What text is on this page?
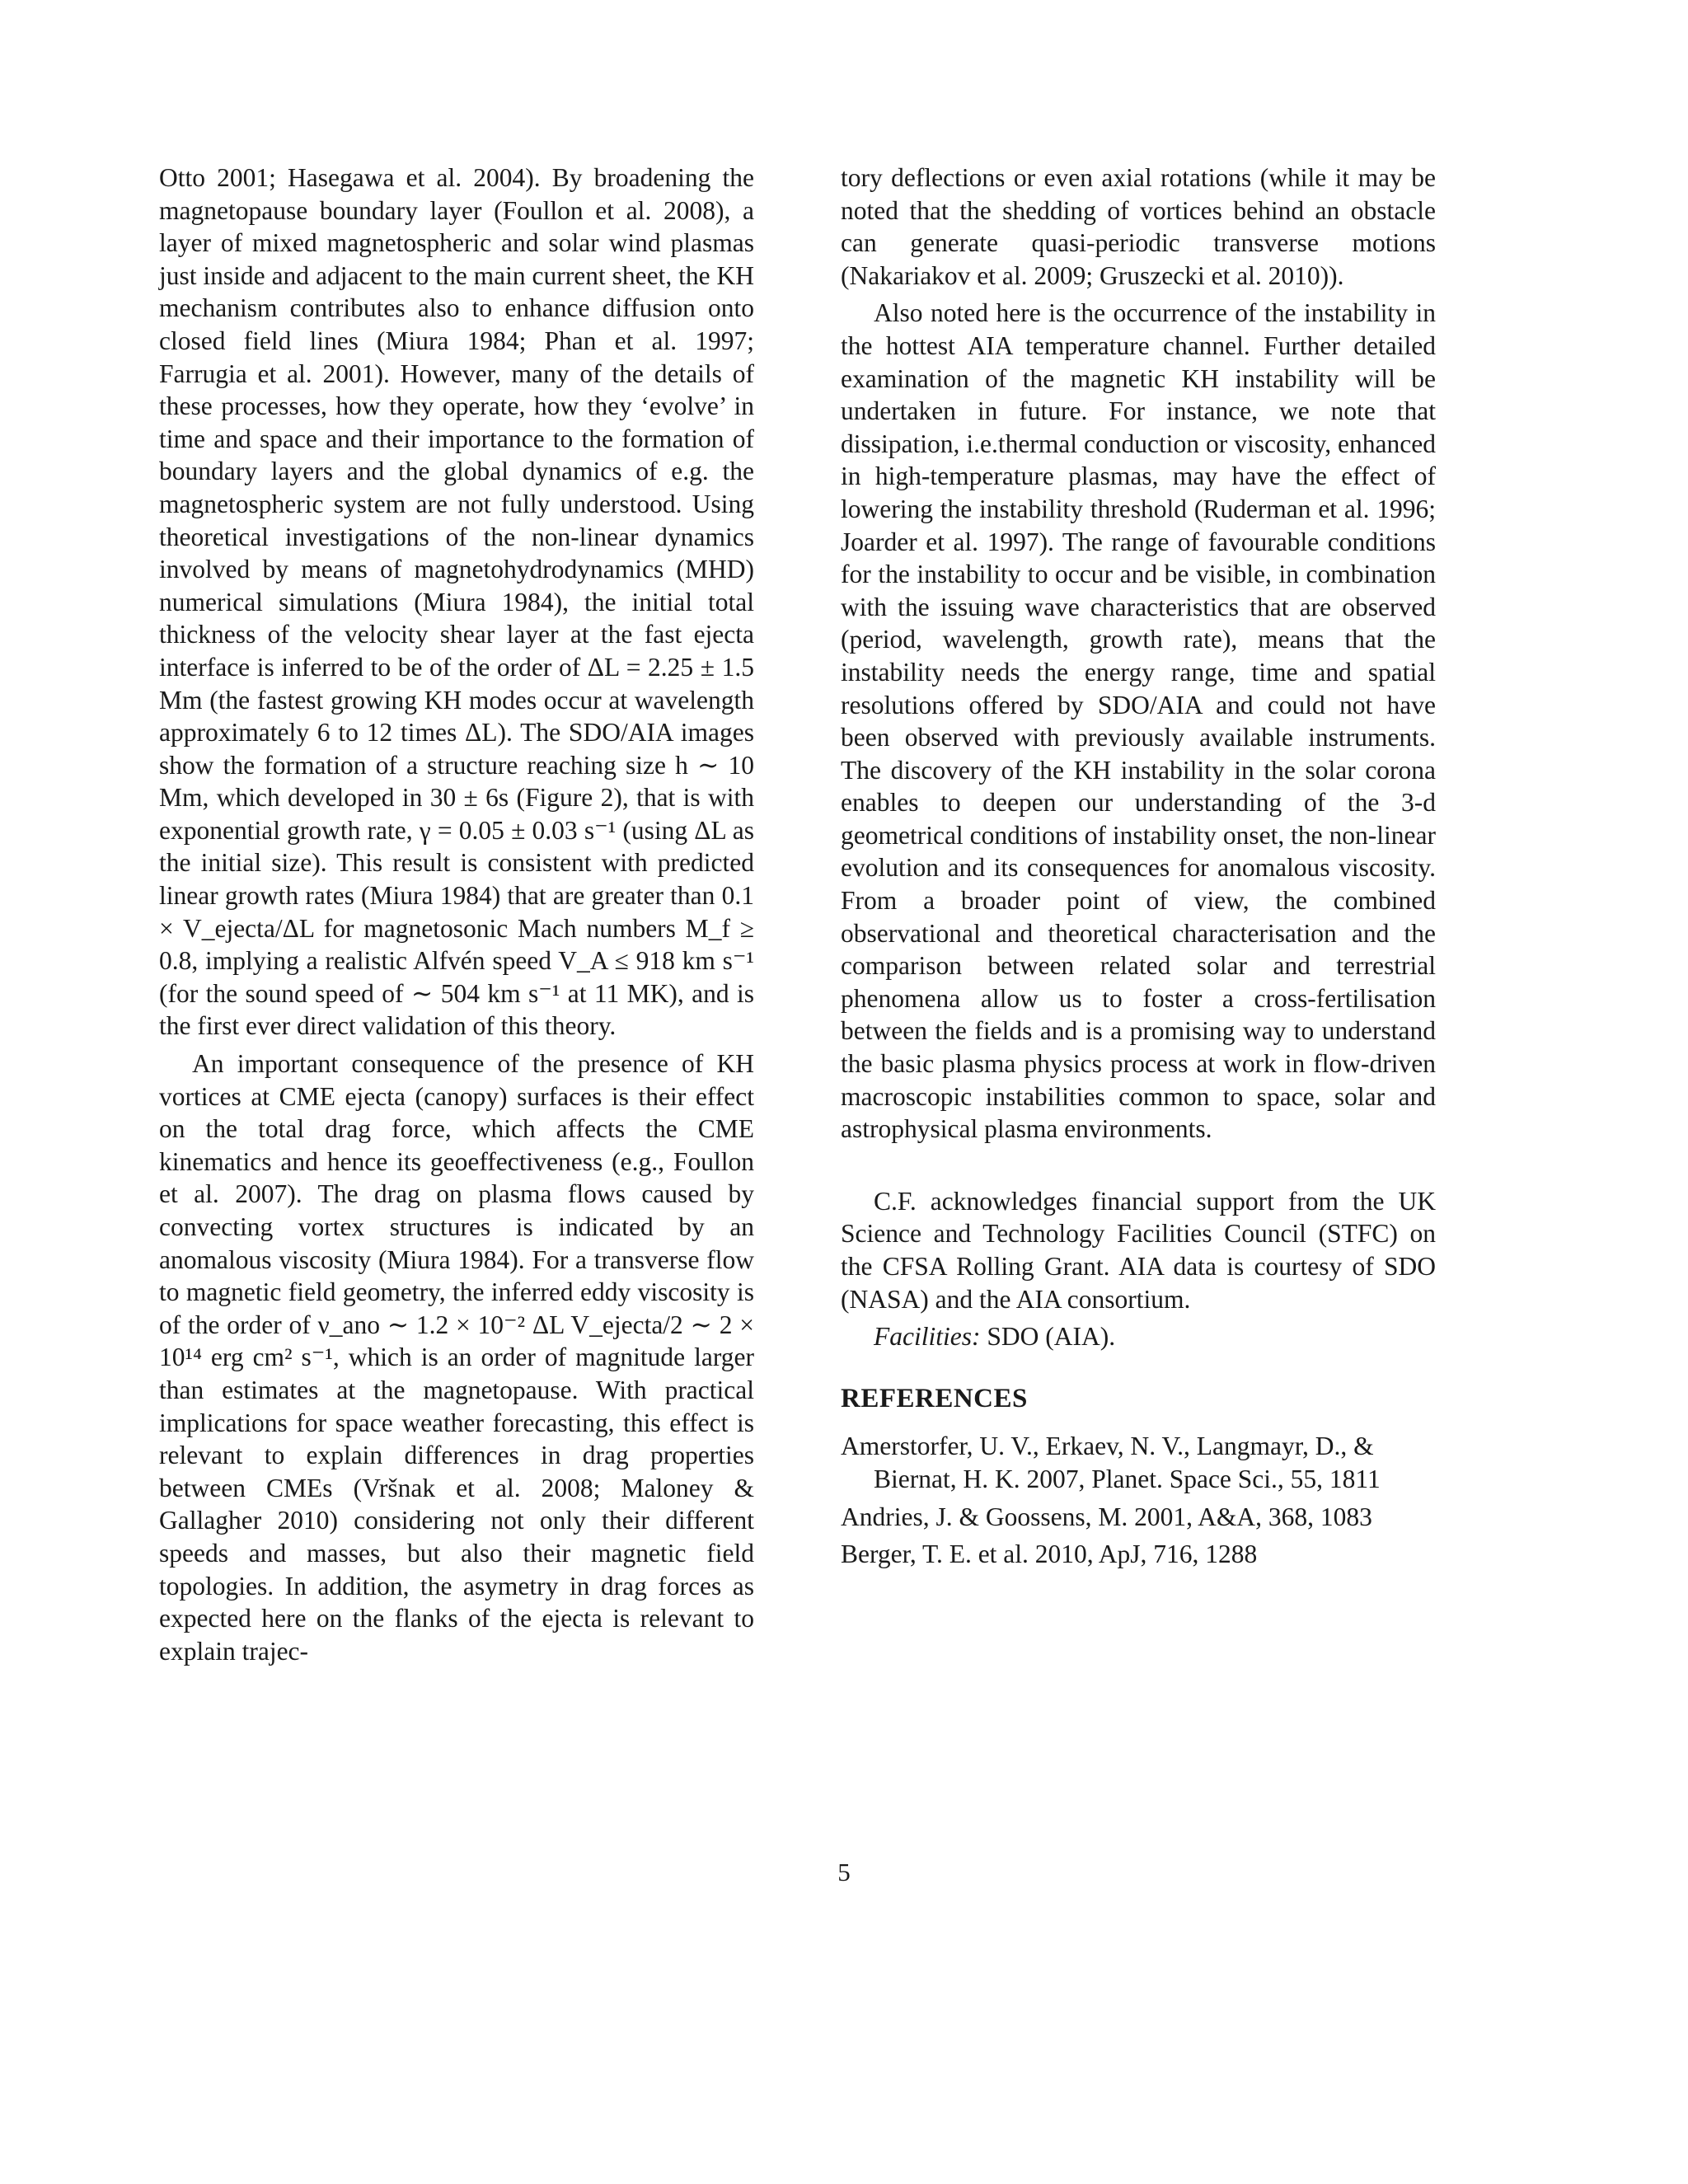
Otto 2001; Hasegawa et al. 2004). By broadening the magnetopause boundary layer (Foullon et al. 2008), a layer of mixed magnetospheric and solar wind plasmas just inside and adjacent to the main current sheet, the KH mechanism contributes also to enhance diffusion onto closed field lines (Miura 1984; Phan et al. 1997; Farrugia et al. 2001). However, many of the details of these processes, how they operate, how they ‘evolve’ in time and space and their importance to the formation of boundary layers and the global dynamics of e.g. the magnetospheric system are not fully understood. Using theoretical investigations of the non-linear dynamics involved by means of magnetohydrodynamics (MHD) numerical simulations (Miura 1984), the initial total thickness of the velocity shear layer at the fast ejecta interface is inferred to be of the order of ΔL = 2.25 ± 1.5 Mm (the fastest growing KH modes occur at wavelength approximately 6 to 12 times ΔL). The SDO/AIA images show the formation of a structure reaching size h ∼ 10 Mm, which developed in 30 ± 6s (Figure 2), that is with exponential growth rate, γ = 0.05 ± 0.03 s⁻¹ (using ΔL as the initial size). This result is consistent with predicted linear growth rates (Miura 1984) that are greater than 0.1 × V_ejecta/ΔL for magnetosonic Mach numbers M_f ≥ 0.8, implying a realistic Alfvén speed V_A ≤ 918 km s⁻¹ (for the sound speed of ∼ 504 km s⁻¹ at 11 MK), and is the first ever direct validation of this theory.

An important consequence of the presence of KH vortices at CME ejecta (canopy) surfaces is their effect on the total drag force, which affects the CME kinematics and hence its geoeffectiveness (e.g., Foullon et al. 2007). The drag on plasma flows caused by convecting vortex structures is indicated by an anomalous viscosity (Miura 1984). For a transverse flow to magnetic field geometry, the inferred eddy viscosity is of the order of ν_ano ∼ 1.2 × 10⁻² ΔL V_ejecta/2 ∼ 2 × 10¹⁴ erg cm² s⁻¹, which is an order of magnitude larger than estimates at the magnetopause. With practical implications for space weather forecasting, this effect is relevant to explain differences in drag properties between CMEs (Vršnak et al. 2008; Maloney & Gallagher 2010) considering not only their different speeds and masses, but also their magnetic field topologies. In addition, the asymetry in drag forces as expected here on the flanks of the ejecta is relevant to explain trajec-

tory deflections or even axial rotations (while it may be noted that the shedding of vortices behind an obstacle can generate quasi-periodic transverse motions (Nakariakov et al. 2009; Gruszecki et al. 2010)).

Also noted here is the occurrence of the instability in the hottest AIA temperature channel. Further detailed examination of the magnetic KH instability will be undertaken in future. For instance, we note that dissipation, i.e.thermal conduction or viscosity, enhanced in high-temperature plasmas, may have the effect of lowering the instability threshold (Ruderman et al. 1996; Joarder et al. 1997). The range of favourable conditions for the instability to occur and be visible, in combination with the issuing wave characteristics that are observed (period, wavelength, growth rate), means that the instability needs the energy range, time and spatial resolutions offered by SDO/AIA and could not have been observed with previously available instruments. The discovery of the KH instability in the solar corona enables to deepen our understanding of the 3-d geometrical conditions of instability onset, the non-linear evolution and its consequences for anomalous viscosity. From a broader point of view, the combined observational and theoretical characterisation and the comparison between related solar and terrestrial phenomena allow us to foster a cross-fertilisation between the fields and is a promising way to understand the basic plasma physics process at work in flow-driven macroscopic instabilities common to space, solar and astrophysical plasma environments.

C.F. acknowledges financial support from the UK Science and Technology Facilities Council (STFC) on the CFSA Rolling Grant. AIA data is courtesy of SDO (NASA) and the AIA consortium.

Facilities: SDO (AIA).

REFERENCES

Amerstorfer, U. V., Erkaev, N. V., Langmayr, D., & Biernat, H. K. 2007, Planet. Space Sci., 55, 1811

Andries, J. & Goossens, M. 2001, A&A, 368, 1083

Berger, T. E. et al. 2010, ApJ, 716, 1288

5
